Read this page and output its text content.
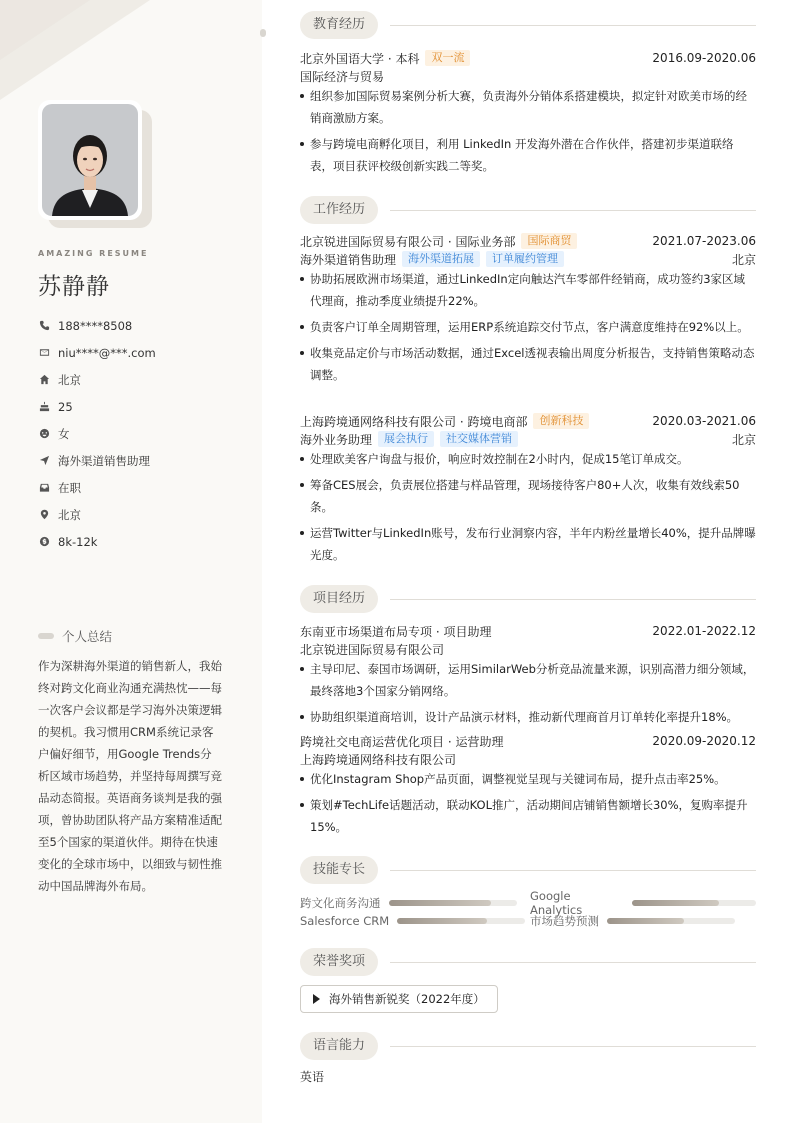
AMAZING RESUME
苏静静
188****8508
niu****@***.com
北京
25
女
海外渠道销售助理
在职
北京
8k-12k
个人总结
作为深耕海外渠道的销售新人，我始终对跨文化商业沟通充满热忱——每一次客户会议都是学习海外决策逻辑的契机。我习惯用CRM系统记录客户偏好细节，用Google Trends分析区域市场趋势，并坚持每周撰写竞品动态简报。英语商务谈判是我的强项，曾协助团队将产品方案精准适配至5个国家的渠道伙伴。期待在快速变化的全球市场中，以细致与韧性推动中国品牌海外布局。
教育经历
北京外国语大学 · 本科	双一流	2016.09-2020.06
国际经济与贸易
组织参加国际贸易案例分析大赛，负责海外分销体系搭建模块，拟定针对欧美市场的经销商激励方案。
参与跨境电商孵化项目，利用 LinkedIn 开发海外潜在合作伙伴，搭建初步渠道联络表，项目获评校级创新实践二等奖。
工作经历
北京锐进国际贸易有限公司 · 国际业务部	国际商贸	2021.07-2023.06
海外渠道销售助理	海外渠道拓展	订单履约管理	北京
协助拓展欧洲市场渠道，通过LinkedIn定向触达汽车零部件经销商，成功签约3家区域代理商，推动季度业绩提升22%。
负责客户订单全周期管理，运用ERP系统追踪交付节点，客户满意度维持在92%以上。
收集竞品定价与市场活动数据，通过Excel透视表输出周度分析报告，支持销售策略动态调整。
上海跨境通网络科技有限公司 · 跨境电商部	创新科技	2020.03-2021.06
海外业务助理	展会执行	社交媒体营销	北京
处理欧美客户询盘与报价，响应时效控制在2小时内，促成15笔订单成交。
筹备CES展会，负责展位搭建与样品管理，现场接待客户80+人次，收集有效线索50条。
运营Twitter与LinkedIn账号，发布行业洞察内容，半年内粉丝量增长40%，提升品牌曝光度。
项目经历
东南亚市场渠道布局专项 · 项目助理	2022.01-2022.12
北京锐进国际贸易有限公司
主导印尼、泰国市场调研，运用SimilarWeb分析竞品流量来源，识别高潜力细分领域，最终落地3个国家分销网络。
协助组织渠道商培训，设计产品演示材料，推动新代理商首月订单转化率提升18%。
跨境社交电商运营优化项目 · 运营助理	2020.09-2020.12
上海跨境通网络科技有限公司
优化Instagram Shop产品页面，调整视觉呈现与关键词布局，提升点击率25%。
策划#TechLife话题活动，联动KOL推广，活动期间店铺销售额增长30%，复购率提升15%。
技能专长
跨文化商务沟通	Google Analytics
Salesforce CRM	市场趋势预测
荣誉奖项
海外销售新锐奖（2022年度）
语言能力
英语
